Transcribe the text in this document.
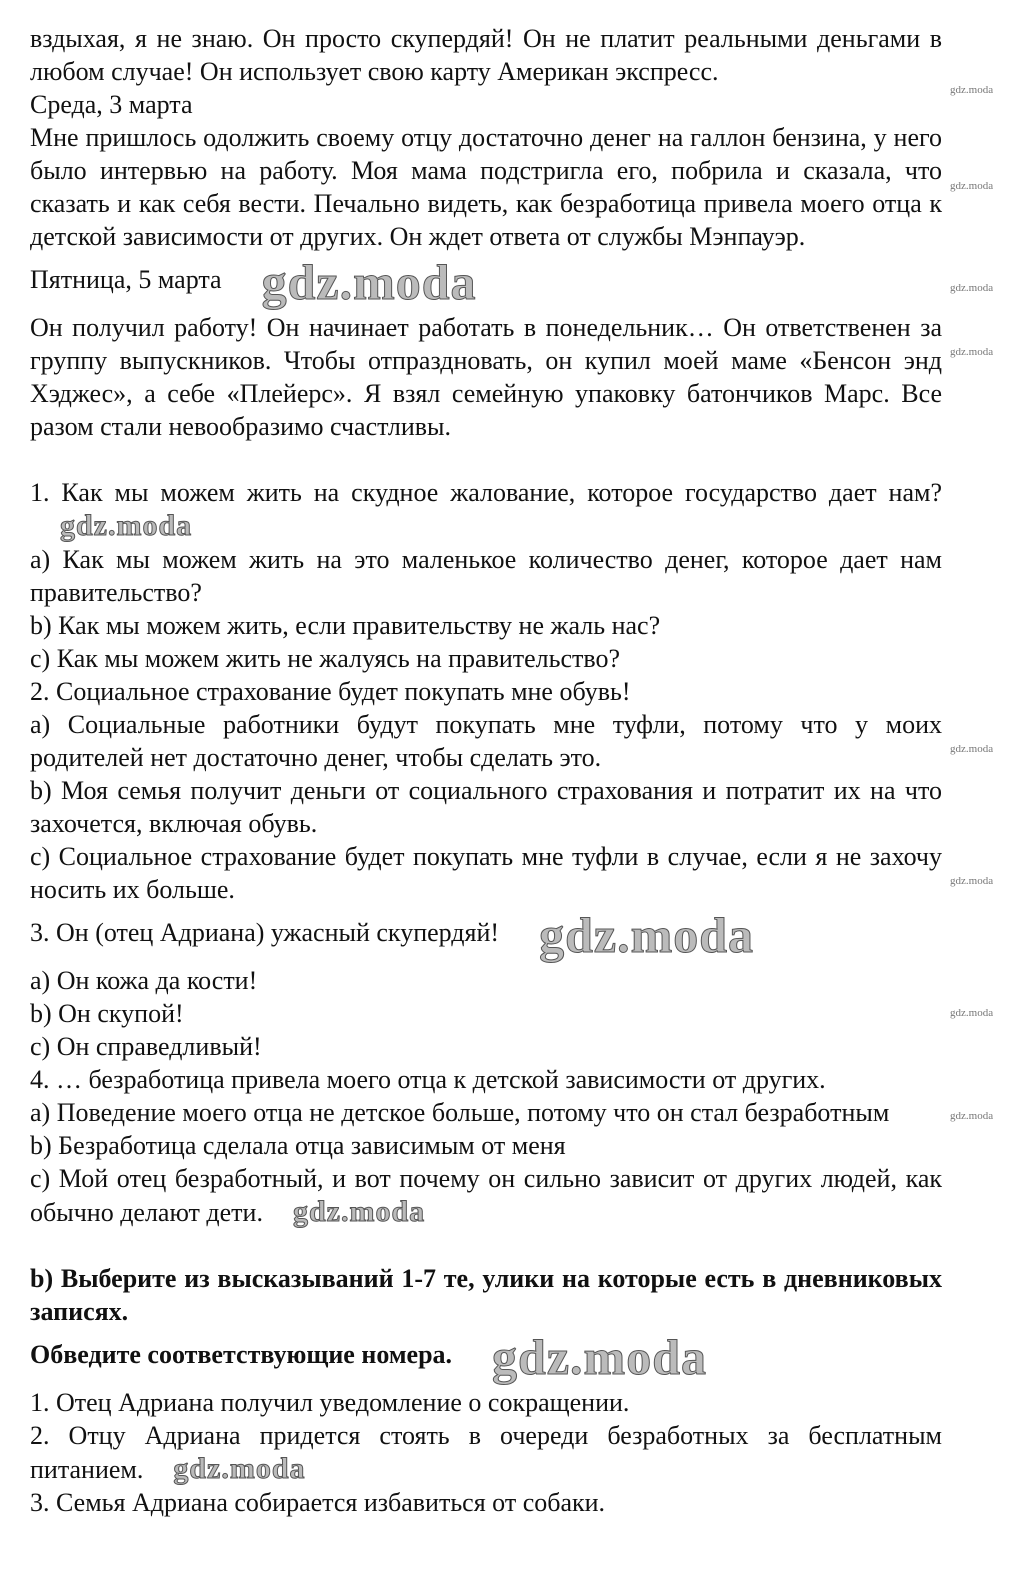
gdz.moda
gdz.moda
gdz.moda
gdz.moda
gdz.moda
gdz.moda
gdz.moda
gdz.moda

вздыхая, я не знаю. Он просто скупердяй! Он не платит реальными деньгами в любом случае! Он использует свою карту Американ экспресс.

Среда, 3 марта

Мне пришлось одолжить своему отцу достаточно денег на галлон бензина, у него было интервью на работу. Моя мама подстригла его, побрила и сказала, что сказать и как себя вести. Печально видеть, как безработица привела моего отца к детской зависимости от других. Он ждет ответа от службы Мэнпауэр.

Пятница, 5 марта gdz.moda

Он получил работу! Он начинает работать в понедельник… Он ответственен за группу выпускников. Чтобы отпраздновать, он купил моей маме «Бенсон энд Хэджес», а себе «Плейерс». Я взял семейную упаковку батончиков Марс. Все разом стали невообразимо счастливы.

1. Как мы можем жить на скудное жалование, которое государство дает нам?gdz.moda

a) Как мы можем жить на это маленькое количество денег, которое дает нам правительство?

b) Как мы можем жить, если правительству не жаль нас?

c) Как мы можем жить не жалуясь на правительство?

2. Социальное страхование будет покупать мне обувь!

a) Социальные работники будут покупать мне туфли, потому что у моих родителей нет достаточно денег, чтобы сделать это.

b) Моя семья получит деньги от социального страхования и потратит их на что захочется, включая обувь.

c) Социальное страхование будет покупать мне туфли в случае, если я не захочу носить их больше.

3. Он (отец Адриана) ужасный скупердяй! gdz.moda

a) Он кожа да кости!

b) Он скупой!

c) Он справедливый!

4. … безработица привела моего отца к детской зависимости от других.

a) Поведение моего отца не детское больше, потому что он стал безработным

b) Безработица сделала отца зависимым от меня

c) Мой отец безработный, и вот почему он сильно зависит от других людей, как обычно делают дети. gdz.moda

b) Выберите из высказываний 1-7 те, улики на которые есть в дневниковых записях.

Обведите соответствующие номера. gdz.moda

1. Отец Адриана получил уведомление о сокращении.

2. Отцу Адриана придется стоять в очереди безработных за бесплатным питанием. gdz.moda

3. Семья Адриана собирается избавиться от собаки.
